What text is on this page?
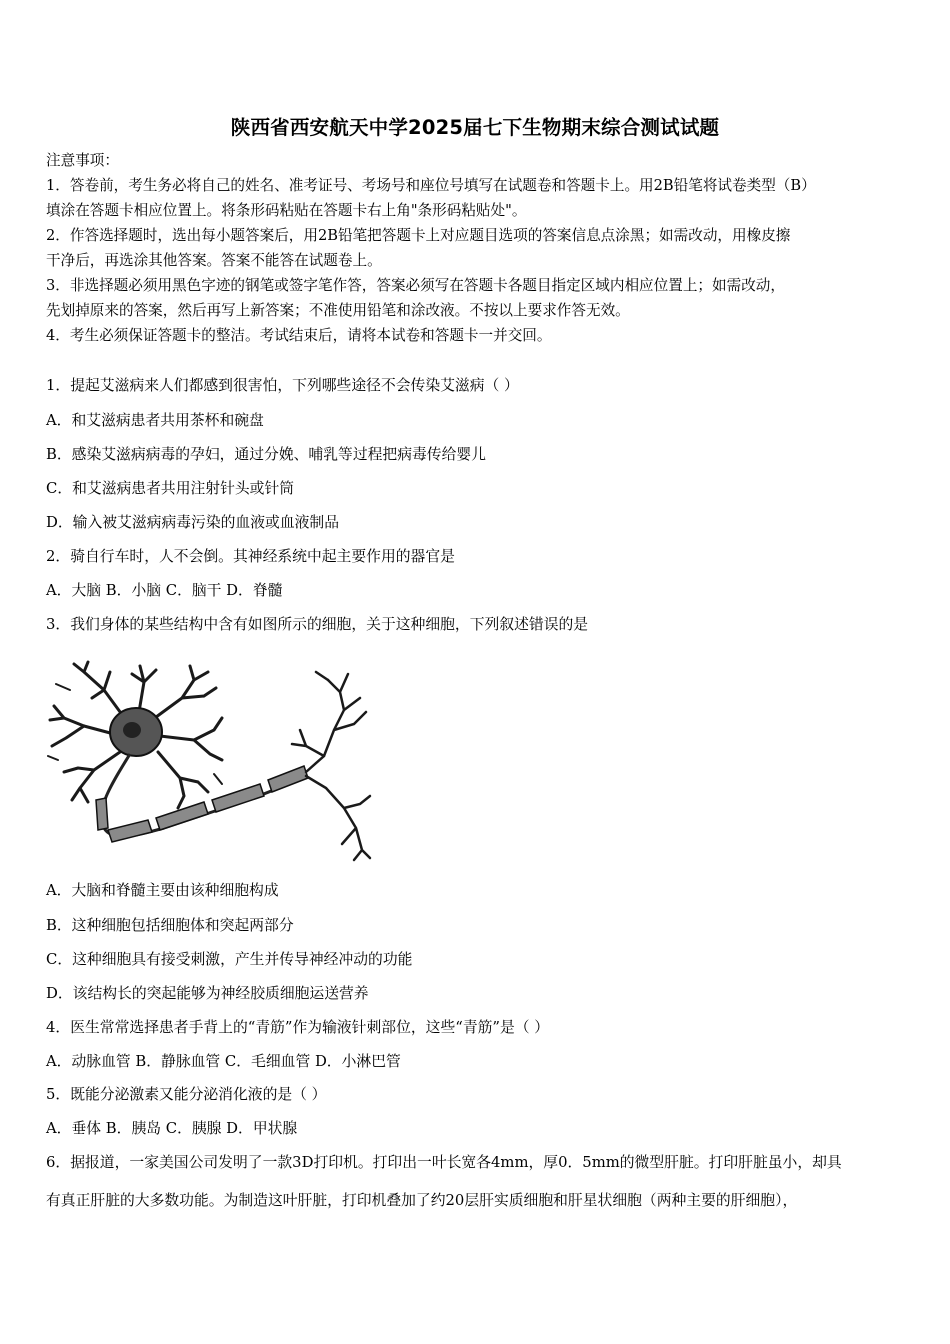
陕西省西安航天中学2025届七下生物期末综合测试试题
注意事项：
1．答卷前，考生务必将自己的姓名、准考证号、考场号和座位号填写在试题卷和答题卡上。用2B铅笔将试卷类型（B）
填涂在答题卡相应位置上。将条形码粘贴在答题卡右上角"条形码粘贴处"。
2．作答选择题时，选出每小题答案后，用2B铅笔把答题卡上对应题目选项的答案信息点涂黑；如需改动，用橡皮擦
干净后，再选涂其他答案。答案不能答在试题卷上。
3．非选择题必须用黑色字迹的钢笔或签字笔作答，答案必须写在答题卡各题目指定区域内相应位置上；如需改动，
先划掉原来的答案，然后再写上新答案；不准使用铅笔和涂改液。不按以上要求作答无效。
4．考生必须保证答题卡的整洁。考试结束后，请将本试卷和答题卡一并交回。
1．提起艾滋病来人们都感到很害怕，下列哪些途径不会传染艾滋病（ ）
A．和艾滋病患者共用茶杯和碗盘
B．感染艾滋病病毒的孕妇，通过分娩、哺乳等过程把病毒传给婴儿
C．和艾滋病患者共用注射针头或针筒
D．输入被艾滋病病毒污染的血液或血液制品
2．骑自行车时，人不会倒。其神经系统中起主要作用的器官是
A．大脑 B．小脑 C．脑干 D．脊髓
3．我们身体的某些结构中含有如图所示的细胞，关于这种细胞，下列叙述错误的是
A．大脑和脊髓主要由该种细胞构成
B．这种细胞包括细胞体和突起两部分
C．这种细胞具有接受刺激，产生并传导神经冲动的功能
D．该结构长的突起能够为神经胶质细胞运送营养
4．医生常常选择患者手背上的“青筋”作为输液针刺部位，这些“青筋”是（ ）
A．动脉血管 B．静脉血管 C．毛细血管 D．小淋巴管
5．既能分泌激素又能分泌消化液的是（ ）
A．垂体 B．胰岛 C．胰腺 D．甲状腺
6．据报道，一家美国公司发明了一款3D打印机。打印出一叶长宽各4mm，厚0．5mm的微型肝脏。打印肝脏虽小，却具
有真正肝脏的大多数功能。为制造这叶肝脏，打印机叠加了约20层肝实质细胞和肝星状细胞（两种主要的肝细胞），
